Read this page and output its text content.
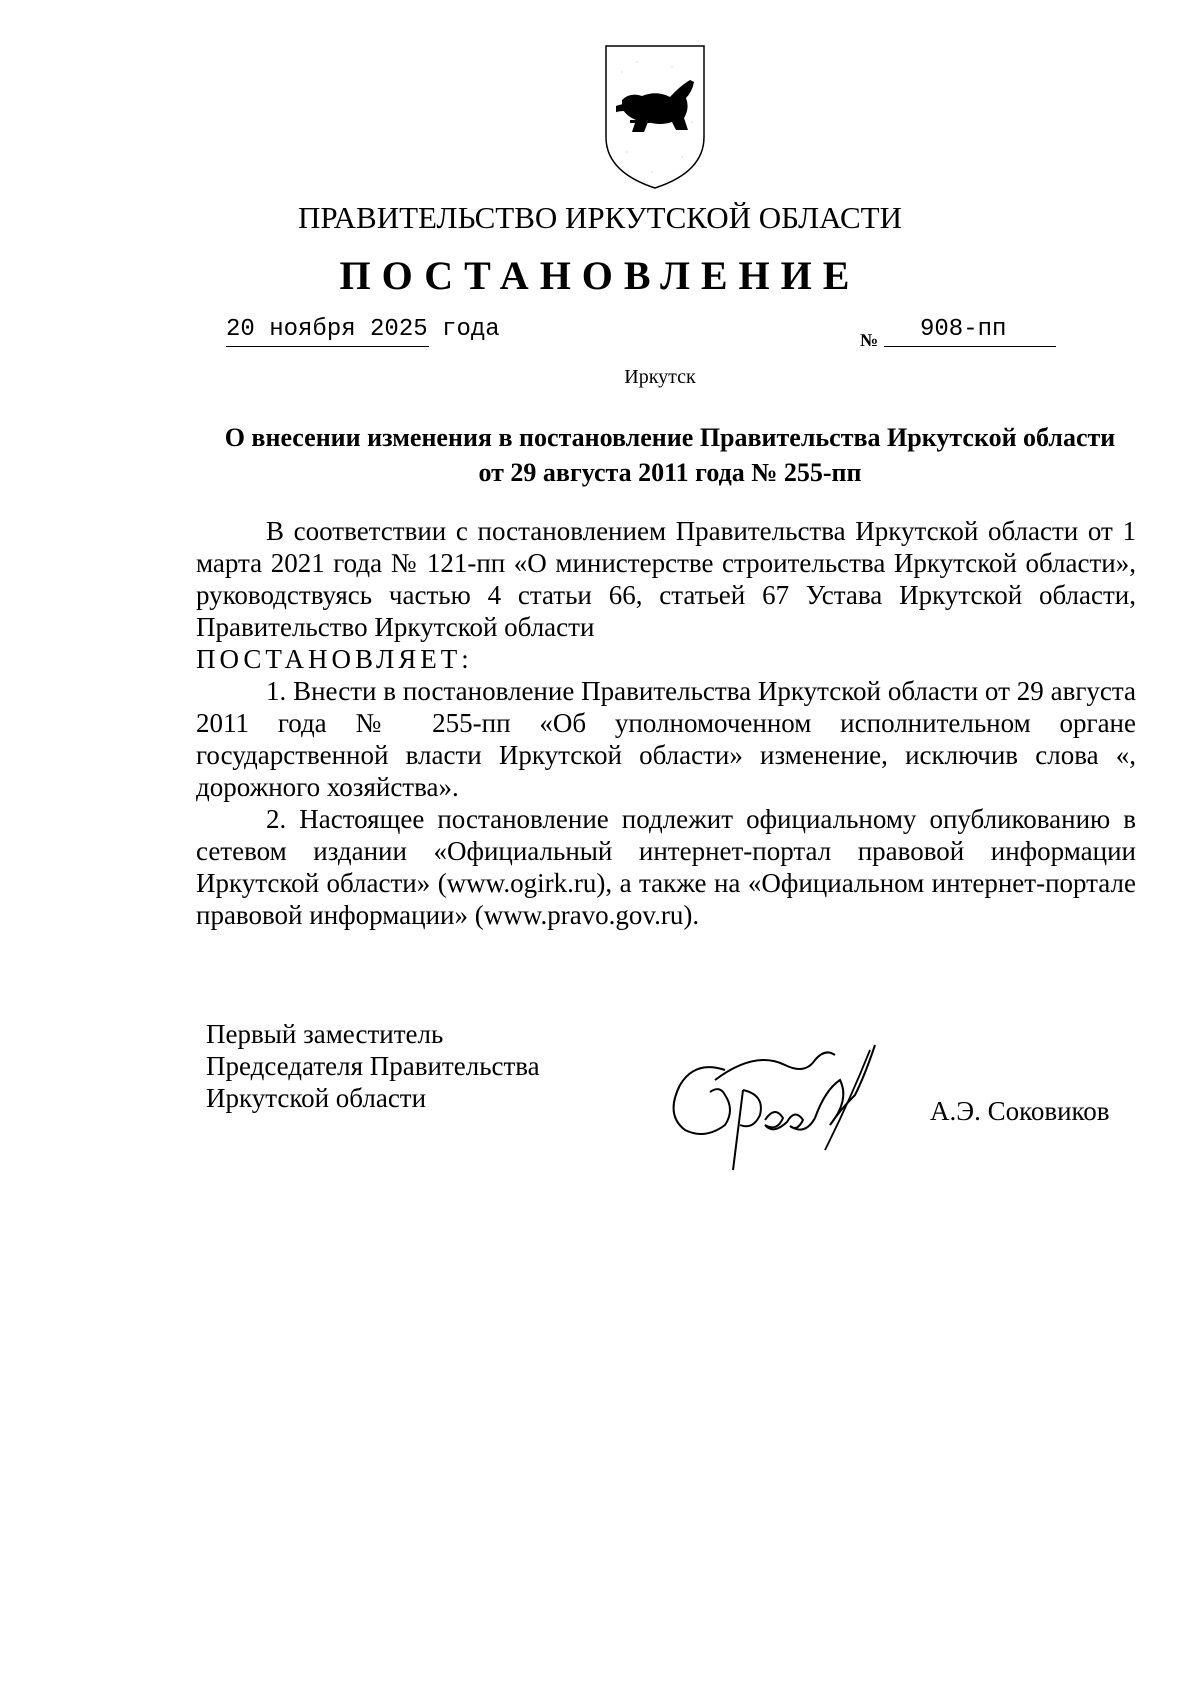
ПРАВИТЕЛЬСТВО ИРКУТСКОЙ ОБЛАСТИ
ПОСТАНОВЛЕНИЕ
20 ноября 2025 года	№ 908-пп
Иркутск
О внесении изменения в постановление Правительства Иркутской области от 29 августа 2011 года № 255-пп

В соответствии с постановлением Правительства Иркутской области от 1 марта 2021 года № 121-пп «О министерстве строительства Иркутской области», руководствуясь частью 4 статьи 66, статьей 67 Устава Иркутской области, Правительство Иркутской области

ПОСТАНОВЛЯЕТ:

1. Внести в постановление Правительства Иркутской области от 29 августа 2011 года № 255-пп «Об уполномоченном исполнительном органе государственной власти Иркутской области» изменение, исключив слова «, дорожного хозяйства».

2. Настоящее постановление подлежит официальному опубликованию в сетевом издании «Официальный интернет-портал правовой информации Иркутской области» (www.ogirk.ru), а также на «Официальном интернет-портале правовой информации» (www.pravo.gov.ru).

Первый заместитель
Председателя Правительства
Иркутской области	А.Э. Соковиков
